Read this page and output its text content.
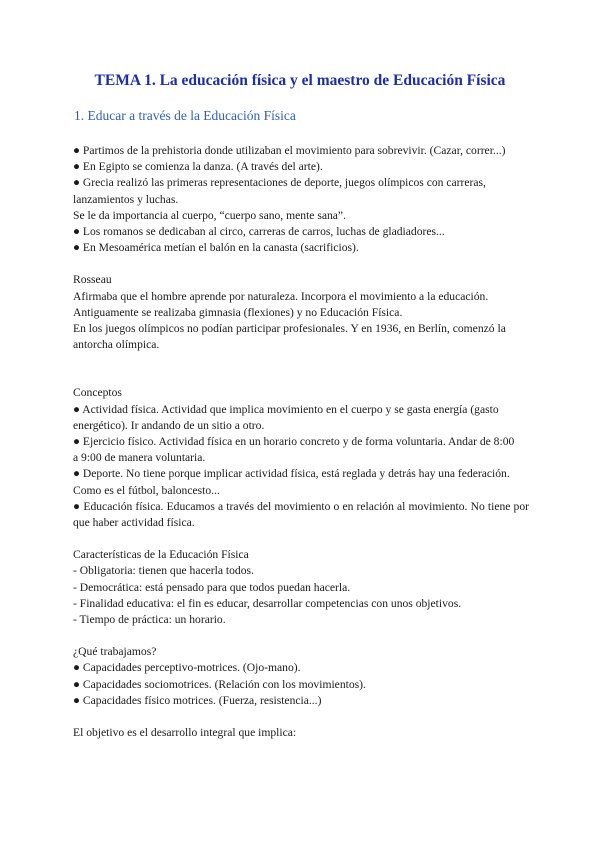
TEMA 1. La educación física y el maestro de Educación Física
1. Educar a través de la Educación Física

● Partimos de la prehistoria donde utilizaban el movimiento para sobrevivir. (Cazar, correr...)

● En Egipto se comienza la danza. (A través del arte).

● Grecia realizó las primeras representaciones de deporte, juegos olímpicos con carreras, lanzamientos y luchas.

Se le da importancia al cuerpo, “cuerpo sano, mente sana”.

● Los romanos se dedicaban al circo, carreras de carros, luchas de gladiadores...

● En Mesoamérica metían el balón en la canasta (sacrificios).

Rosseau

Afirmaba que el hombre aprende por naturaleza. Incorpora el movimiento a la educación.

Antiguamente se realizaba gimnasia (flexiones) y no Educación Física.

En los juegos olímpicos no podían participar profesionales. Y en 1936, en Berlín, comenzó la antorcha olímpica.

Conceptos

● Actividad física. Actividad que implica movimiento en el cuerpo y se gasta energía (gasto energético). Ir andando de un sitio a otro.

● Ejercicio físico. Actividad física en un horario concreto y de forma voluntaria. Andar de 8:00

a 9:00 de manera voluntaria.

● Deporte. No tiene porque implicar actividad física, está reglada y detrás hay una federación.

Como es el fútbol, baloncesto...

● Educación física. Educamos a través del movimiento o en relación al movimiento. No tiene por que haber actividad física.

Características de la Educación Física

- Obligatoria: tienen que hacerla todos.

- Democrática: está pensado para que todos puedan hacerla.

- Finalidad educativa: el fin es educar, desarrollar competencias con unos objetivos.

- Tiempo de práctica: un horario.

¿Qué trabajamos?

● Capacidades perceptivo-motrices. (Ojo-mano).

● Capacidades sociomotrices. (Relación con los movimientos).

● Capacidades físico motrices. (Fuerza, resistencia...)

El objetivo es el desarrollo integral que implica:
